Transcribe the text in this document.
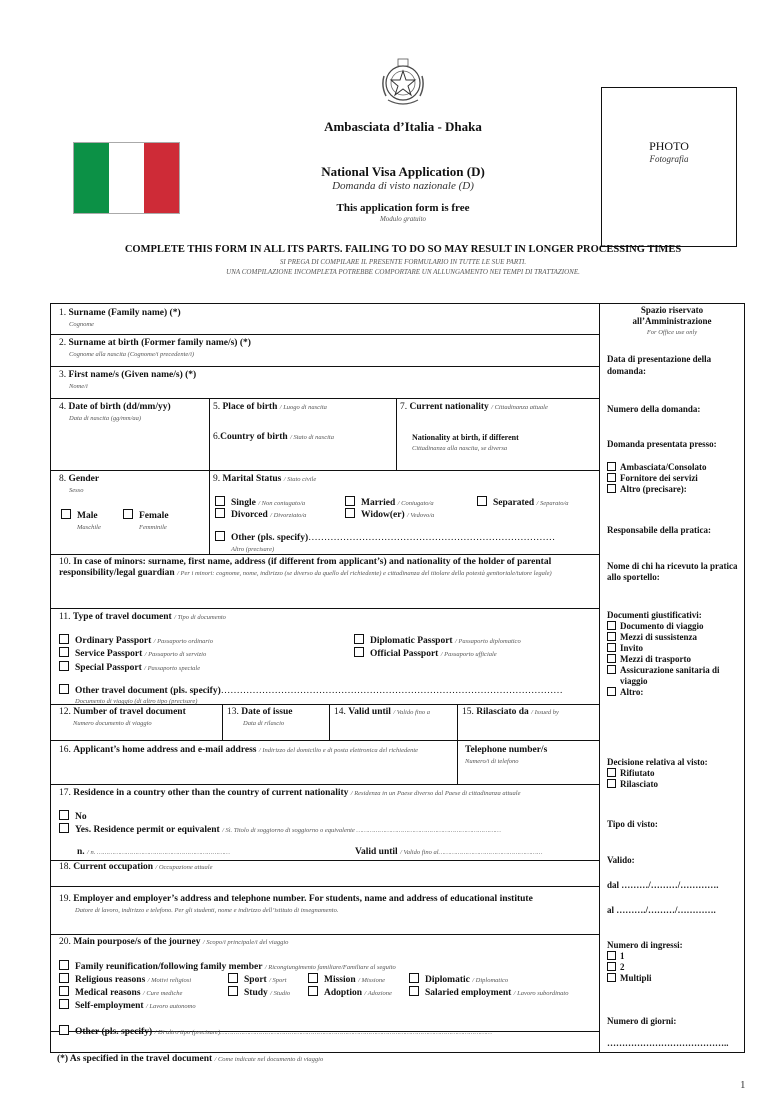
Ambasciata d’Italia - Dhaka
PHOTO
Fotografia
National Visa Application (D)
Domanda di visto nazionale (D)
This application form is free
Modulo gratuito
COMPLETE THIS FORM IN ALL ITS PARTS. FAILING TO DO SO MAY RESULT IN LONGER PROCESSING TIMES
SI PREGA DI COMPILARE IL PRESENTE FORMULARIO IN TUTTE LE SUE PARTI.
UNA COMPILAZIONE INCOMPLETA POTREBBE COMPORTARE UN ALLUNGAMENTO NEI TEMPI DI TRATTAZIONE.
1. Surname (Family name) (*)
Cognome
2. Surname at birth (Former family name/s) (*)
Cognome alla nascita (Cognome/i precedente/i)
3. First name/s (Given name/s) (*)
Nome/i
4. Date of birth (dd/mm/yy)
Data di nascita (gg/mm/aa)
5. Place of birth / Luogo di nascita
6.Country of birth / Stato di nascita
7. Current nationality / Cittadinanza attuale
Nationality at birth, if different
Cittadinanza alla nascita, se diversa
8. Gender
Sesso
Male
Maschile
Female
Femminile
9. Marital Status / Stato civile
Single / Non coniugato/a	Married / Coniugato/a	Separated / Separato/a
Divorced / Divorziato/a	Widow(er) / Vedovo/a
Other (pls. specify)……………………………………………………………………
Altro (precisare)
10. In case of minors: surname, first name, address (if different from applicant’s) and nationality of the holder of parental responsibility/legal guardian / Per i minori: cognome, nome, indirizzo (se diverso da quello del richiedente) e cittadinanza del titolare della potestà genitoriale/tutore legale)
11. Type of travel document / Tipo di documento
Ordinary Passport / Passaporto ordinario
Service Passport / Passaporto di servizio
Special Passport / Passaporto speciale
Diplomatic Passport / Passaporto diplomatico
Official Passport / Passaporto ufficiale
Other travel document (pls. specify)………………………………………………………………………………………………
Documento di viaggio (di altro tipo (precisare)
12. Number of travel document
Numero documento di viaggio
13. Date of issue
Data di rilascio
14. Valid until / Valido fino a	15. Rilasciato da / Issued by
16. Applicant’s home address and e-mail address / Indirizzo del domicilio e di posta elettronica del richiedente	Telephone number/s
Numero/i di telefono
17. Residence in a country other than the country of current nationality / Residenza in un Paese diverso dal Paese di cittadinanza attuale
No
Yes. Residence permit or equivalent / Sì. Titolo di soggiorno di soggiorno o equivalente …………………………………………………………………
n. / n. ……………………………………………………………	Valid until / Valido fino al………………………………………………
18. Current occupation / Occupazione attuale
19. Employer and employer’s address and telephone number. For students, name and address of educational institute
Datore di lavoro, indirizzo e telefono. Per gli studenti, nome e indirizzo dell’istituto di insegnamento.
20. Main pourpose/s of the journey / Scopo/i principale/i del viaggio
Family reunification/following family member / Ricongiungimento familiare/Familiare al seguito
Religious reasons / Motivi religiosi	Sport / Sport	Mission / Missione	Diplomatic / Diplomatico
Medical reasons / Cure mediche	Study / Studio	Adoption / Adozione	Salaried employment / Lavoro subordinato
Self-employment / Lavoro autonomo
Other (pls. specify) / Di altro tipo (precisare)……………………………………………………………………………………………………………………………
Spazio riservato
all’Amministrazione
For Office use only
Data di presentazione della domanda:
Numero della domanda:
Domanda presentata presso:
Ambasciata/Consolato
Fornitore dei servizi
Altro (precisare):
Responsabile della pratica:
Nome di chi ha ricevuto la pratica allo sportello:
Documenti giustificativi:
Documento di viaggio
Mezzi di sussistenza
Invito
Mezzi di trasporto
Assicurazione sanitaria di viaggio
Altro:
Decisione relativa al visto:
Rifiutato
Rilasciato
Tipo di visto:
Valido:
dal ………/………/………….
al ………./………/………….
Numero di ingressi:
1
2
Multipli
Numero di giorni:
…………………………………..
(*) As specified in the travel document / Come indicate nel documento di viaggio
1
